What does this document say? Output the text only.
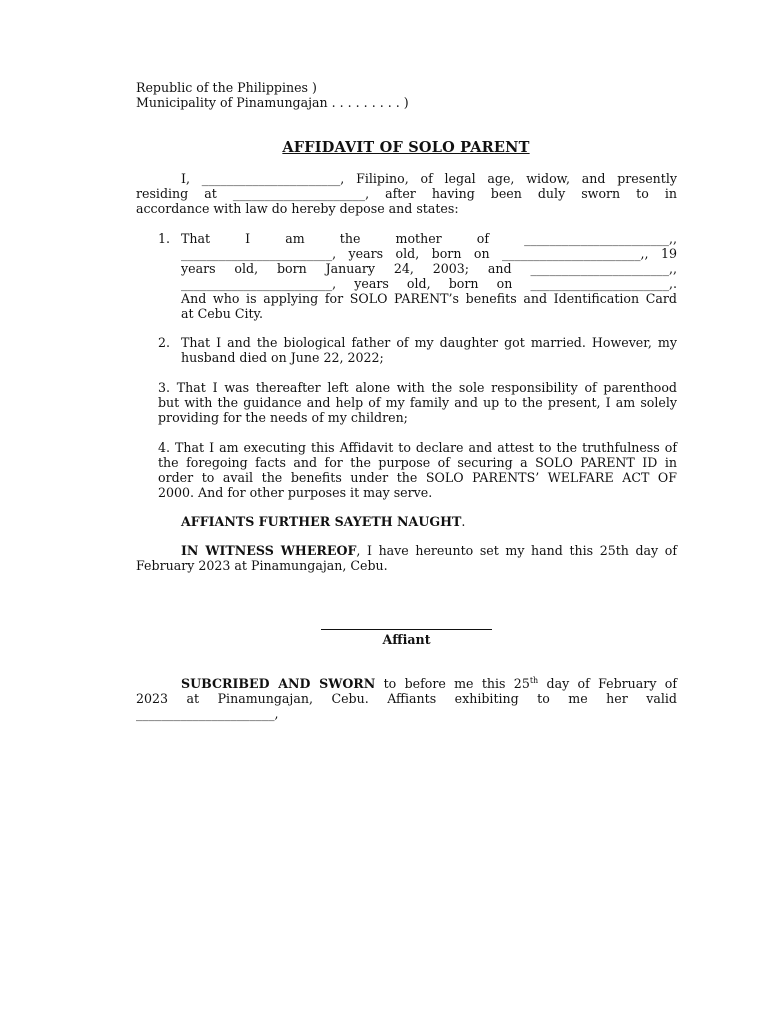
Republic of the Philippines )
Municipality of Pinamungajan . . . . . . . . . )
AFFIDAVIT OF SOLO PARENT
I, ______________________, Filipino, of legal age, widow, and presently
residing at _____________________, after having been duly sworn to in
accordance with law do hereby depose and states:
1. That I am the mother of _______________________,,
________________________, years old, born on ______________________,, 19
years old, born January 24, 2003; and ______________________,,
________________________, years old, born on ______________________,.
And who is applying for SOLO PARENT’s benefits and Identification Card
at Cebu City.
2. That I and the biological father of my daughter got married. However, my
husband died on June 22, 2022;
3. That I was thereafter left alone with the sole responsibility of parenthood
but with the guidance and help of my family and up to the present, I am solely
providing for the needs of my children;
4. That I am executing this Affidavit to declare and attest to the truthfulness of
the foregoing facts and for the purpose of securing a SOLO PARENT ID in
order to avail the benefits under the SOLO PARENTS’ WELFARE ACT OF
2000. And for other purposes it may serve.
AFFIANTS FURTHER SAYETH NAUGHT.
IN WITNESS WHEREOF, I have hereunto set my hand this 25th day of
February 2023 at Pinamungajan, Cebu.
Affiant
SUBCRIBED AND SWORN to before me this 25th day of February of
2023 at Pinamungajan, Cebu. Affiants exhibiting to me her valid
______________________,
